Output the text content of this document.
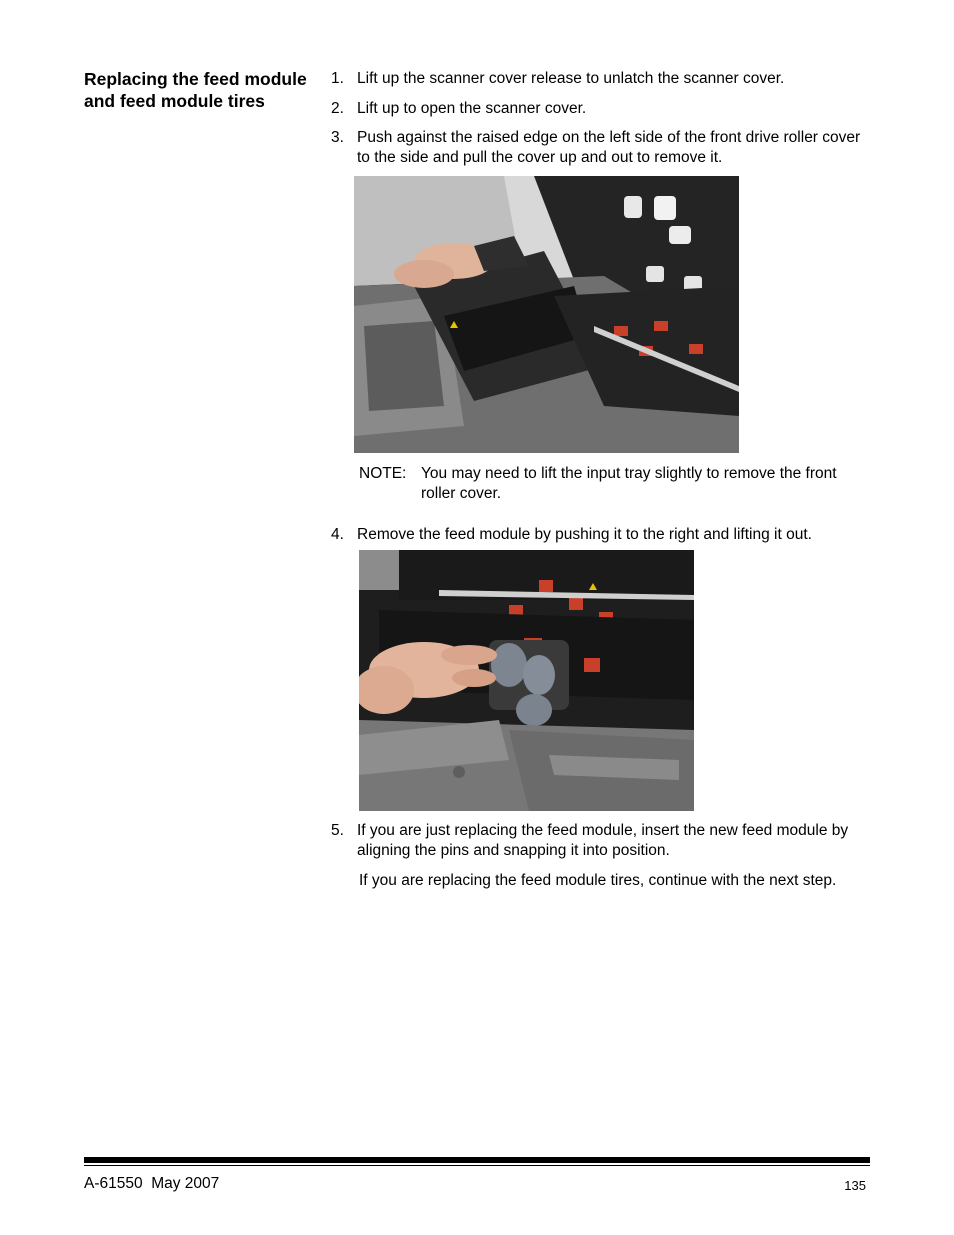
Replacing the feed module and feed module tires
1. Lift up the scanner cover release to unlatch the scanner cover.
2. Lift up to open the scanner cover.
3. Push against the raised edge on the left side of the front drive roller cover to the side and pull the cover up and out to remove it.
NOTE: You may need to lift the input tray slightly to remove the front roller cover.
4. Remove the feed module by pushing it to the right and lifting it out.
5. If you are just replacing the feed module, insert the new feed module by aligning the pins and snapping it into position.
If you are replacing the feed module tires, continue with the next step.
A-61550  May 2007	135
